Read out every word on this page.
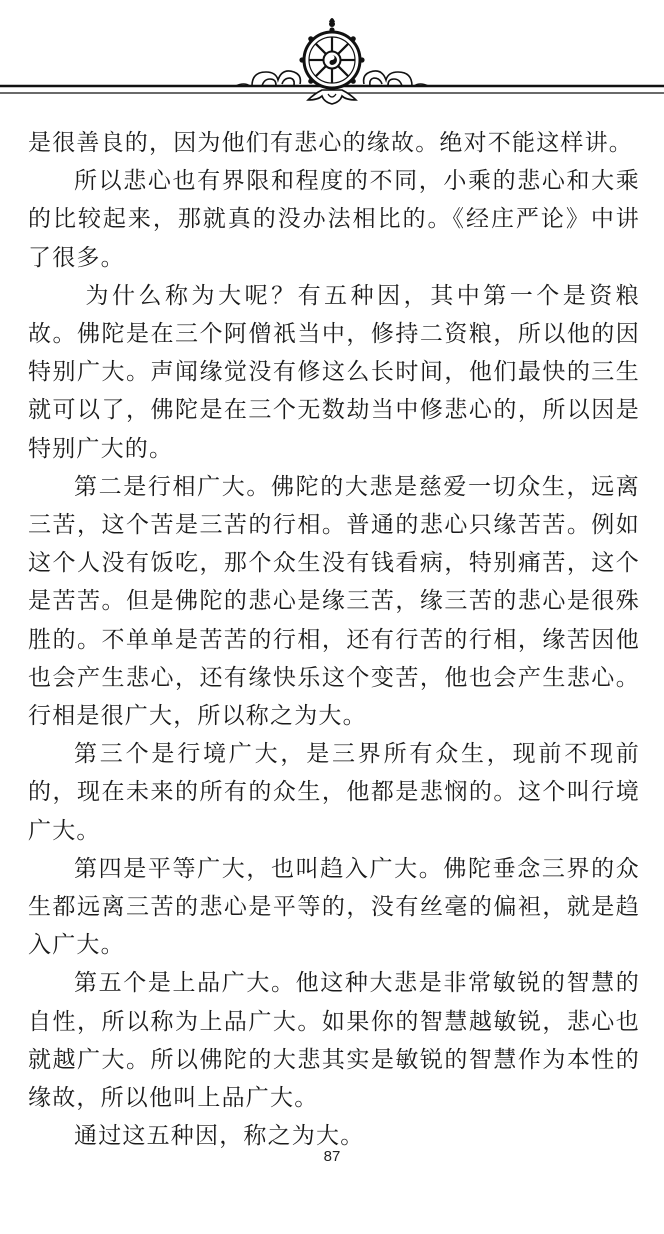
是很善良的，因为他们有悲心的缘故。绝对不能这样讲。

所以悲心也有界限和程度的不同，小乘的悲心和大乘的比较起来，那就真的没办法相比的。《经庄严论》中讲了很多。

为什么称为大呢？有五种因，其中第一个是资粮故。佛陀是在三个阿僧祇当中，修持二资粮，所以他的因特别广大。声闻缘觉没有修这么长时间，他们最快的三生就可以了，佛陀是在三个无数劫当中修悲心的，所以因是特别广大的。

第二是行相广大。佛陀的大悲是慈爱一切众生，远离三苦，这个苦是三苦的行相。普通的悲心只缘苦苦。例如这个人没有饭吃，那个众生没有钱看病，特别痛苦，这个是苦苦。但是佛陀的悲心是缘三苦，缘三苦的悲心是很殊胜的。不单单是苦苦的行相，还有行苦的行相，缘苦因他也会产生悲心，还有缘快乐这个变苦，他也会产生悲心。行相是很广大，所以称之为大。

第三个是行境广大，是三界所有众生，现前不现前的，现在未来的所有的众生，他都是悲悯的。这个叫行境广大。

第四是平等广大，也叫趋入广大。佛陀垂念三界的众生都远离三苦的悲心是平等的，没有丝毫的偏袒，就是趋入广大。

第五个是上品广大。他这种大悲是非常敏锐的智慧的自性，所以称为上品广大。如果你的智慧越敏锐，悲心也就越广大。所以佛陀的大悲其实是敏锐的智慧作为本性的缘故，所以他叫上品广大。

通过这五种因，称之为大。

87
